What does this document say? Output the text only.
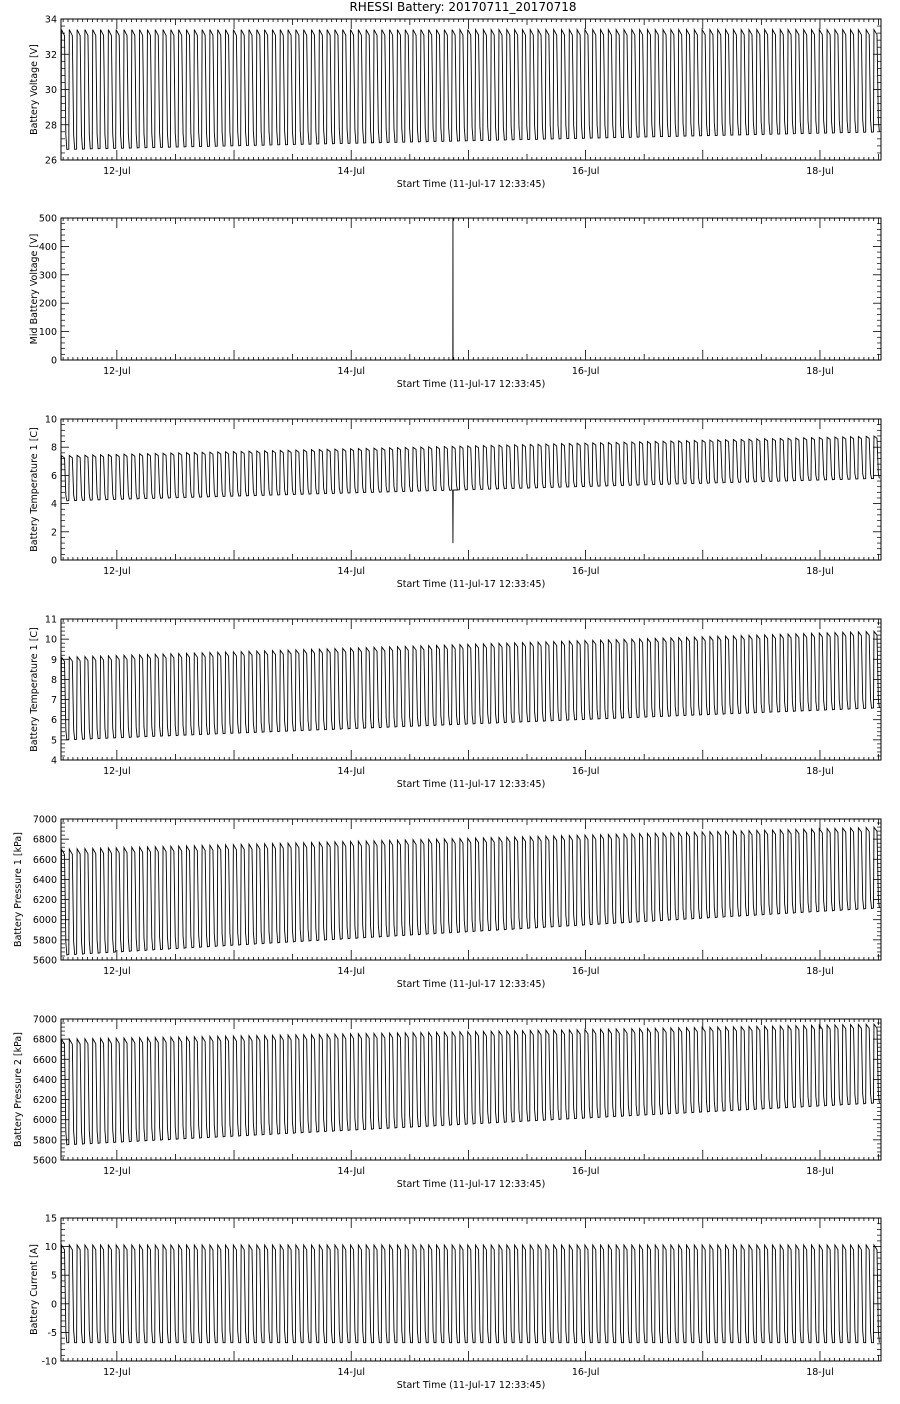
RHESSI Battery: 20170711_20170718
12-Jul	14-Jul	16-Jul	18-Jul
Start Time (11-Jul-17 12:33:45)
26
28
30
32
34
Battery Voltage [V]
12-Jul	14-Jul	16-Jul	18-Jul
Start Time (11-Jul-17 12:33:45)
0
100
200
300
400
500
Mid Battery Voltage [V]
12-Jul	14-Jul	16-Jul	18-Jul
Start Time (11-Jul-17 12:33:45)
0
2
4
6
8
10
Battery Temperature 1 [C]
12-Jul	14-Jul	16-Jul	18-Jul
Start Time (11-Jul-17 12:33:45)
4
5
6
7
8
9
10
11
Battery Temperature 1 [C]
12-Jul	14-Jul	16-Jul	18-Jul
Start Time (11-Jul-17 12:33:45)
5600
5800
6000
6200
6400
6600
6800
7000
Battery Pressure 1 [kPa]
12-Jul	14-Jul	16-Jul	18-Jul
Start Time (11-Jul-17 12:33:45)
5600
5800
6000
6200
6400
6600
6800
7000
Battery Pressure 2 [kPa]
12-Jul	14-Jul	16-Jul	18-Jul
Start Time (11-Jul-17 12:33:45)
-10
-5
0
5
10
15
Battery Current [A]
